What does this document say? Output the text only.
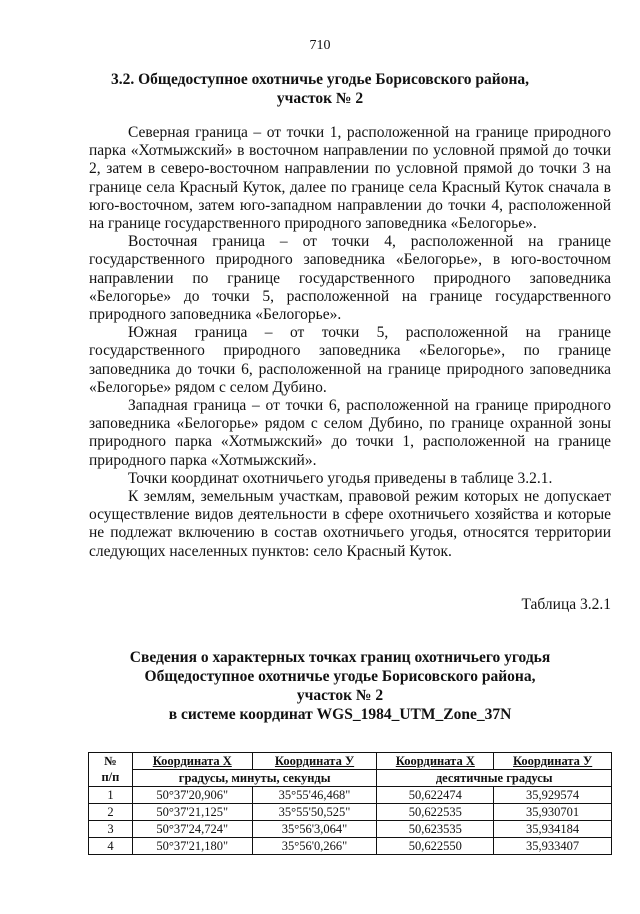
710
3.2. Общедоступное охотничье угодье Борисовского района,
участок № 2

Северная граница – от точки 1, расположенной на границе природного парка «Хотмыжский» в восточном направлении по условной прямой до точки 2, затем в северо-восточном направлении по условной прямой до точки 3 на границе села Красный Куток, далее по границе села Красный Куток сначала в юго-восточном, затем юго-западном направлении до точки 4, расположенной на границе государственного природного заповедника «Белогорье».

Восточная граница – от точки 4, расположенной на границе государственного природного заповедника «Белогорье», в юго-восточном направлении по границе государственного природного заповедника «Белогорье» до точки 5, расположенной на границе государственного природного заповедника «Белогорье».

Южная граница – от точки 5, расположенной на границе государственного природного заповедника «Белогорье», по границе заповедника до точки 6, расположенной на границе природного заповедника «Белогорье» рядом с селом Дубино.

Западная граница – от точки 6, расположенной на границе природного заповедника «Белогорье» рядом с селом Дубино, по границе охранной зоны природного парка «Хотмыжский» до точки 1, расположенной на границе природного парка «Хотмыжский».

Точки координат охотничьего угодья приведены в таблице 3.2.1.

К землям, земельным участкам, правовой режим которых не допускает осуществление видов деятельности в сфере охотничьего хозяйства и которые не подлежат включению в состав охотничьего угодья, относятся территории следующих населенных пунктов: село Красный Куток.

Таблица 3.2.1
Сведения о характерных точках границ охотничьего угодья
Общедоступное охотничье угодье Борисовского района,
участок № 2
в системе координат WGS_1984_UTM_Zone_37N
№	Координата X	Координата У	Координата X	Координата У
п/п	градусы, минуты, секунды		десятичные градусы	
1	50°37'20,906"	35°55'46,468"	50,622474	35,929574
2	50°37'21,125"	35°55'50,525"	50,622535	35,930701
3	50°37'24,724"	35°56'3,064"	50,623535	35,934184
4	50°37'21,180"	35°56'0,266"	50,622550	35,933407
